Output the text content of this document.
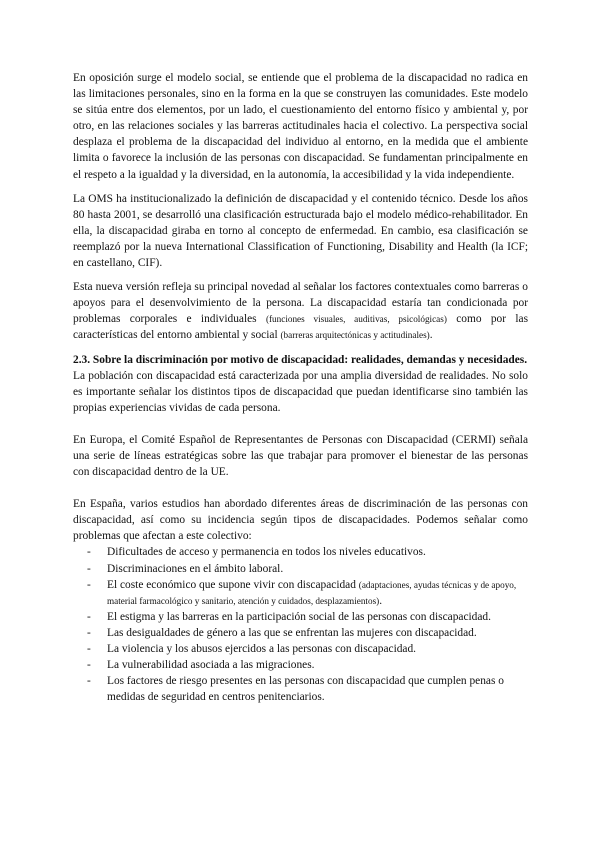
En oposición surge el modelo social, se entiende que el problema de la discapacidad no radica en las limitaciones personales, sino en la forma en la que se construyen las comunidades. Este modelo se sitúa entre dos elementos, por un lado, el cuestionamiento del entorno físico y ambiental y, por otro, en las relaciones sociales y las barreras actitudinales hacia el colectivo. La perspectiva social desplaza el problema de la discapacidad del individuo al entorno, en la medida que el ambiente limita o favorece la inclusión de las personas con discapacidad. Se fundamentan principalmente en el respeto a la igualdad y la diversidad, en la autonomía, la accesibilidad y la vida independiente.

La OMS ha institucionalizado la definición de discapacidad y el contenido técnico. Desde los años 80 hasta 2001, se desarrolló una clasificación estructurada bajo el modelo médico-rehabilitador. En ella, la discapacidad giraba en torno al concepto de enfermedad. En cambio, esa clasificación se reemplazó por la nueva International Classification of Functioning, Disability and Health (la ICF; en castellano, CIF).

Esta nueva versión refleja su principal novedad al señalar los factores contextuales como barreras o apoyos para el desenvolvimiento de la persona. La discapacidad estaría tan condicionada por problemas corporales e individuales (funciones visuales, auditivas, psicológicas) como por las características del entorno ambiental y social (barreras arquitectónicas y actitudinales).

2.3. Sobre la discriminación por motivo de discapacidad: realidades, demandas y necesidades.

La población con discapacidad está caracterizada por una amplia diversidad de realidades. No solo es importante señalar los distintos tipos de discapacidad que puedan identificarse sino también las propias experiencias vividas de cada persona.

En Europa, el Comité Español de Representantes de Personas con Discapacidad (CERMI) señala una serie de líneas estratégicas sobre las que trabajar para promover el bienestar de las personas con discapacidad dentro de la UE.

En España, varios estudios han abordado diferentes áreas de discriminación de las personas con discapacidad, así como su incidencia según tipos de discapacidades. Podemos señalar como problemas que afectan a este colectivo:

- Dificultades de acceso y permanencia en todos los niveles educativos.
- Discriminaciones en el ámbito laboral.
- El coste económico que supone vivir con discapacidad (adaptaciones, ayudas técnicas y de apoyo, material farmacológico y sanitario, atención y cuidados, desplazamientos).
- El estigma y las barreras en la participación social de las personas con discapacidad.
- Las desigualdades de género a las que se enfrentan las mujeres con discapacidad.
- La violencia y los abusos ejercidos a las personas con discapacidad.
- La vulnerabilidad asociada a las migraciones.
- Los factores de riesgo presentes en las personas con discapacidad que cumplen penas o medidas de seguridad en centros penitenciarios.
